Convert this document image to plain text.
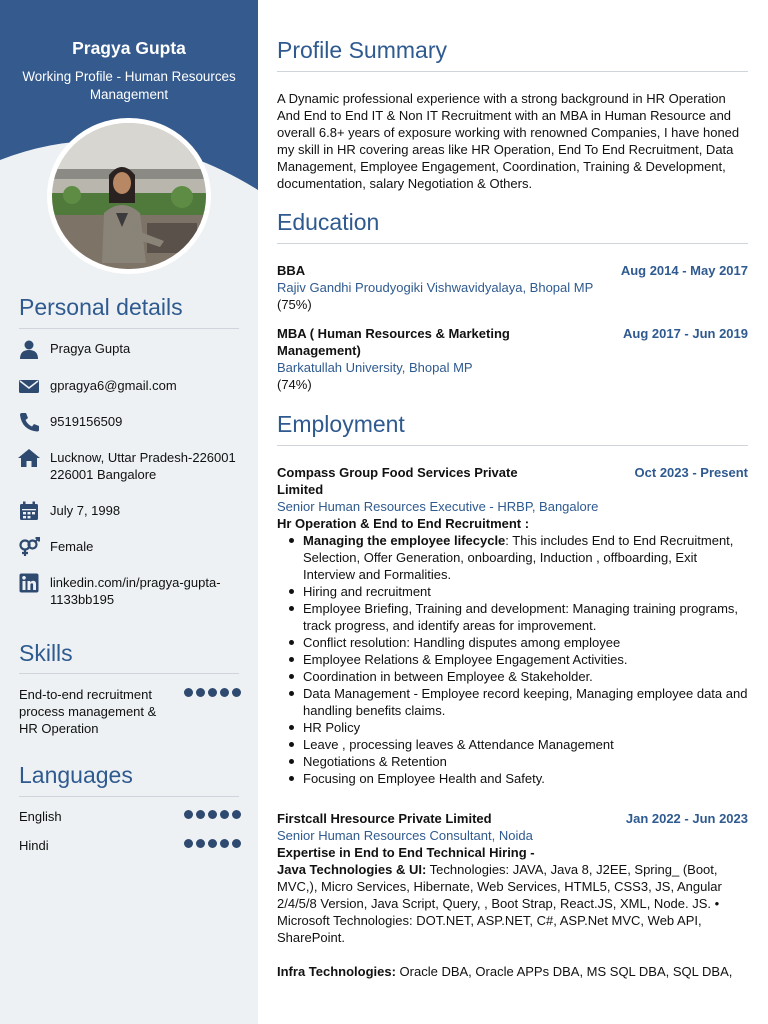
Pragya Gupta
Working Profile - Human Resources Management
Personal details
Pragya Gupta
gpragya6@gmail.com
9519156509
Lucknow, Uttar Pradesh-226001 226001 Bangalore
July 7, 1998
Female
linkedin.com/in/pragya-gupta-1133bb195
Skills
End-to-end recruitment process management & HR Operation
Languages
English
Hindi
Profile Summary
A Dynamic professional experience with a strong background in HR Operation And End to End IT & Non IT Recruitment with an MBA in Human Resource and overall 6.8+ years of exposure working with renowned Companies, I have honed my skill in HR covering areas like HR Operation, End To End Recruitment, Data Management, Employee Engagement, Coordination, Training & Development, documentation, salary Negotiation & Others.
Education
BBA	Aug 2014 - May 2017
Rajiv Gandhi Proudyogiki Vishwavidyalaya, Bhopal MP
(75%)
MBA ( Human Resources & Marketing Management)
Aug 2017 - Jun 2019
Barkatullah University, Bhopal MP
(74%)
Employment
Compass Group Food Services Private Limited
Oct 2023 - Present
Senior Human Resources Executive - HRBP, Bangalore
Hr Operation & End to End Recruitment :
Managing the employee lifecycle: This includes End to End Recruitment, Selection, Offer Generation, onboarding, Induction , offboarding, Exit Interview and Formalities.
Hiring and recruitment
Employee Briefing, Training and development: Managing training programs, track progress, and identify areas for improvement.
Conflict resolution: Handling disputes among employee
Employee Relations & Employee Engagement Activities.
Coordination in between Employee & Stakeholder.
Data Management - Employee record keeping, Managing employee data and handling benefits claims.
HR Policy
Leave , processing leaves & Attendance Management
Negotiations & Retention
Focusing on Employee Health and Safety.
Firstcall Hresource Private Limited	Jan 2022 - Jun 2023
Senior Human Resources Consultant, Noida
Expertise in End to End Technical Hiring -
Java Technologies & UI: Technologies: JAVA, Java 8, J2EE, Spring_ (Boot, MVC,), Micro Services, Hibernate, Web Services, HTML5, CSS3, JS, Angular 2/4/5/8 Version, Java Script, Query, , Boot Strap, React.JS, XML, Node. JS. • Microsoft Technologies: DOT.NET, ASP.NET, C#, ASP.Net MVC, Web API, SharePoint.
Infra Technologies: Oracle DBA, Oracle APPs DBA, MS SQL DBA, SQL DBA,
